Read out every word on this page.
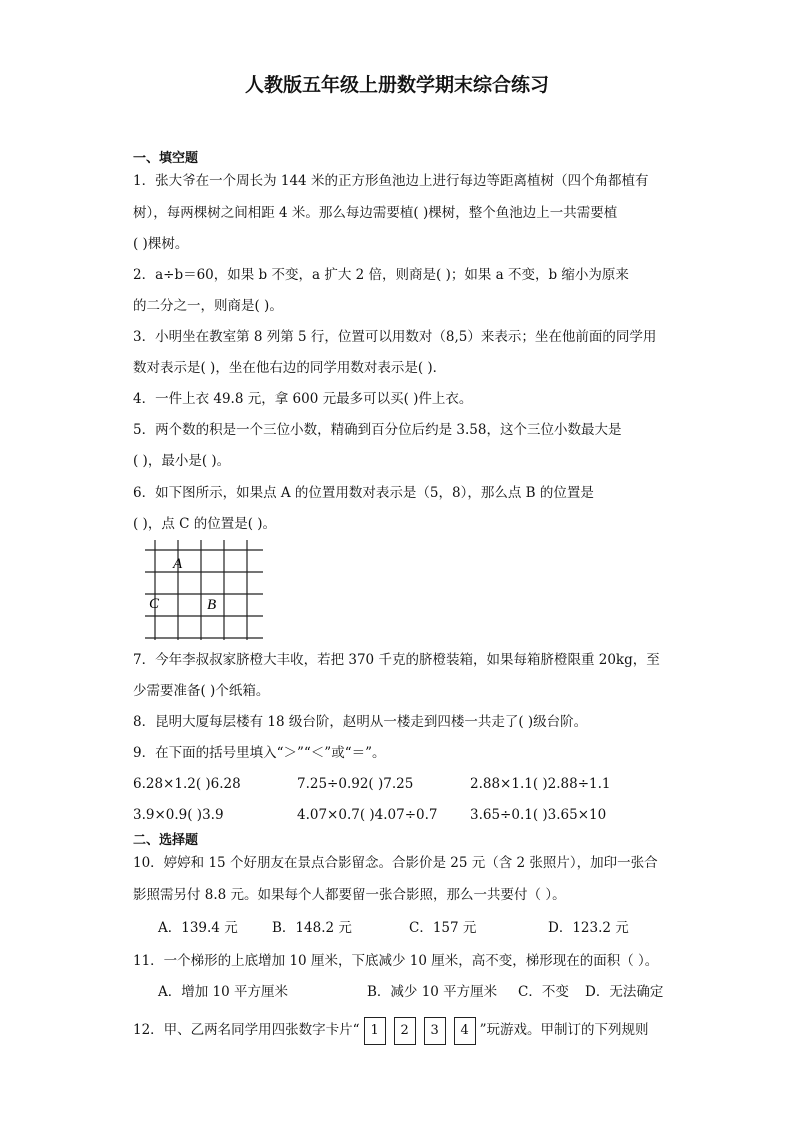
人教版五年级上册数学期末综合练习
一、填空题
1．张大爷在一个周长为 144 米的正方形鱼池边上进行每边等距离植树（四个角都植有
树），每两棵树之间相距 4 米。那么每边需要植( )棵树，整个鱼池边上一共需要植
( )棵树。
2．a÷b＝60，如果 b 不变，a 扩大 2 倍，则商是( )；如果 a 不变，b 缩小为原来
的二分之一，则商是( )。
3．小明坐在教室第 8 列第 5 行，位置可以用数对（8,5）来表示；坐在他前面的同学用
数对表示是( )，坐在他右边的同学用数对表示是( )．
4．一件上衣 49.8 元，拿 600 元最多可以买( )件上衣。
5．两个数的积是一个三位小数，精确到百分位后约是 3.58，这个三位小数最大是
( )，最小是( )。
6．如下图所示，如果点 A 的位置用数对表示是（5，8），那么点 B 的位置是
( )，点 C 的位置是( )。
A
C	B
7．今年李叔叔家脐橙大丰收，若把 370 千克的脐橙装箱，如果每箱脐橙限重 20kg，至
少需要准备( )个纸箱。
8．昆明大厦每层楼有 18 级台阶，赵明从一楼走到四楼一共走了( )级台阶。
9．在下面的括号里填入“＞”“＜”或“＝”。
6.28×1.2( )6.28	7.25÷0.92( )7.25	2.88×1.1( )2.88÷1.1
3.9×0.9( )3.9	4.07×0.7( )4.07÷0.7 3.65÷0.1( )3.65×10
二、选择题
10．婷婷和 15 个好朋友在景点合影留念。合影价是 25 元（含 2 张照片），加印一张合
影照需另付 8.8 元。如果每个人都要留一张合影照，那么一共要付（ ）。
A．139.4 元	B．148.2 元	C．157 元	D．123.2 元
11．一个梯形的上底增加 10 厘米，下底减少 10 厘米，高不变，梯形现在的面积（ ）。
A．增加 10 平方厘米	B．减少 10 平方厘米 C．不变 D．无法确定
12．甲、乙两名同学用四张数字卡片“ 1 2 3 4 ”玩游戏。甲制订的下列规则
